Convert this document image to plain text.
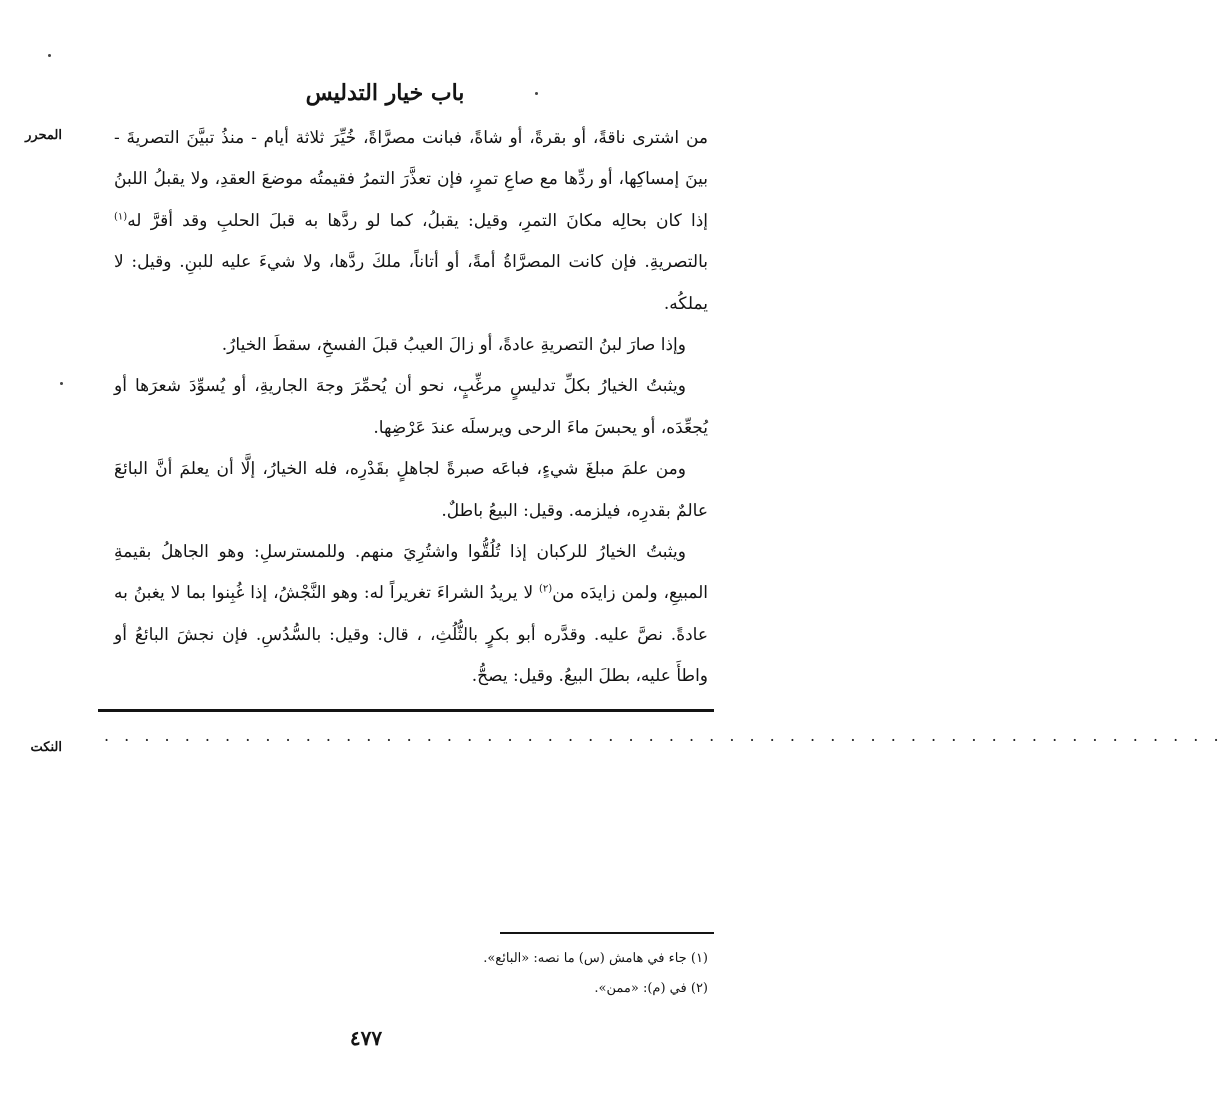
باب خيار التدليس
المحرر	من اشترى ناقةً، أو بقرةً، أو شاةً، فبانت مصرَّاةً، خُيِّرَ ثلاثة أيام - منذُ تبيَّنَ التصريةَ - بينَ إمساكِها، أو ردِّها مع صاعِ تمرٍ، فإن تعذَّرَ التمرُ فقيمتُه موضعَ العقدِ، ولا يقبلُ اللبنُ إذا كان بحالِه مكانَ التمرِ، وقيل: يقبلُ، كما لو ردَّها به قبلَ الحلبِ وقد أقرَّ له$^{(١)}$ بالتصريةِ. فإن كانت المصرَّاةُ أمةً، أو أتاناً، ملكَ ردَّها، ولا شيءَ عليه للبنِ. وقيل: لا يملكُه.

وإذا صارَ لبنُ التصريةِ عادةً، أو زالَ العيبُ قبلَ الفسخِ، سقطَ الخيارُ.

ويثبتُ الخيارُ بكلِّ تدليسٍ مرغِّبٍ، نحو أن يُحمِّرَ وجهَ الجاريةِ، أو يُسوِّدَ شعرَها أو يُجعِّدَه، أو يحبسَ ماءَ الرحى ويرسلَه عندَ عَرْضِها.

ومن علمَ مبلغَ شيءٍ، فباعَه صبرةً لجاهلٍ بقَدْرِه، فله الخيارُ، إلَّا أن يعلمَ أنَّ البائعَ عالمٌ بقدرِه، فيلزمه. وقيل: البيعُ باطلٌ.

ويثبتُ الخيارُ للركبان إذا تُلُقُّوا واشتُرِيَ منهم. وللمسترسلِ: وهو الجاهلُ بقيمةِ المبيعِ، ولمن زايدَه من$^{(٢)}$ لا يريدُ الشراءَ تغريراً له: وهو النَّجْشُ، إذا غُبِنوا بما لا يغبنُ به عادةً. نصَّ عليه. وقدَّره أبو بكرٍ بالثُّلُثِ، ، قال: وقيل: بالسُّدُسِ. فإن نجشَ البائعُ أو واطأَ عليه، بطلَ البيعُ. وقيل: يصحُّ.

النكت
. . . . . . . . . . . . . . . . . . . . . . . . . . . . . . . . . . . . . . . . . . . . . . . . . . . . . . . .
(١) جاء في هامش (س) ما نصه: «البائع».
(٢) في (م): «ممن».
٤٧٧
